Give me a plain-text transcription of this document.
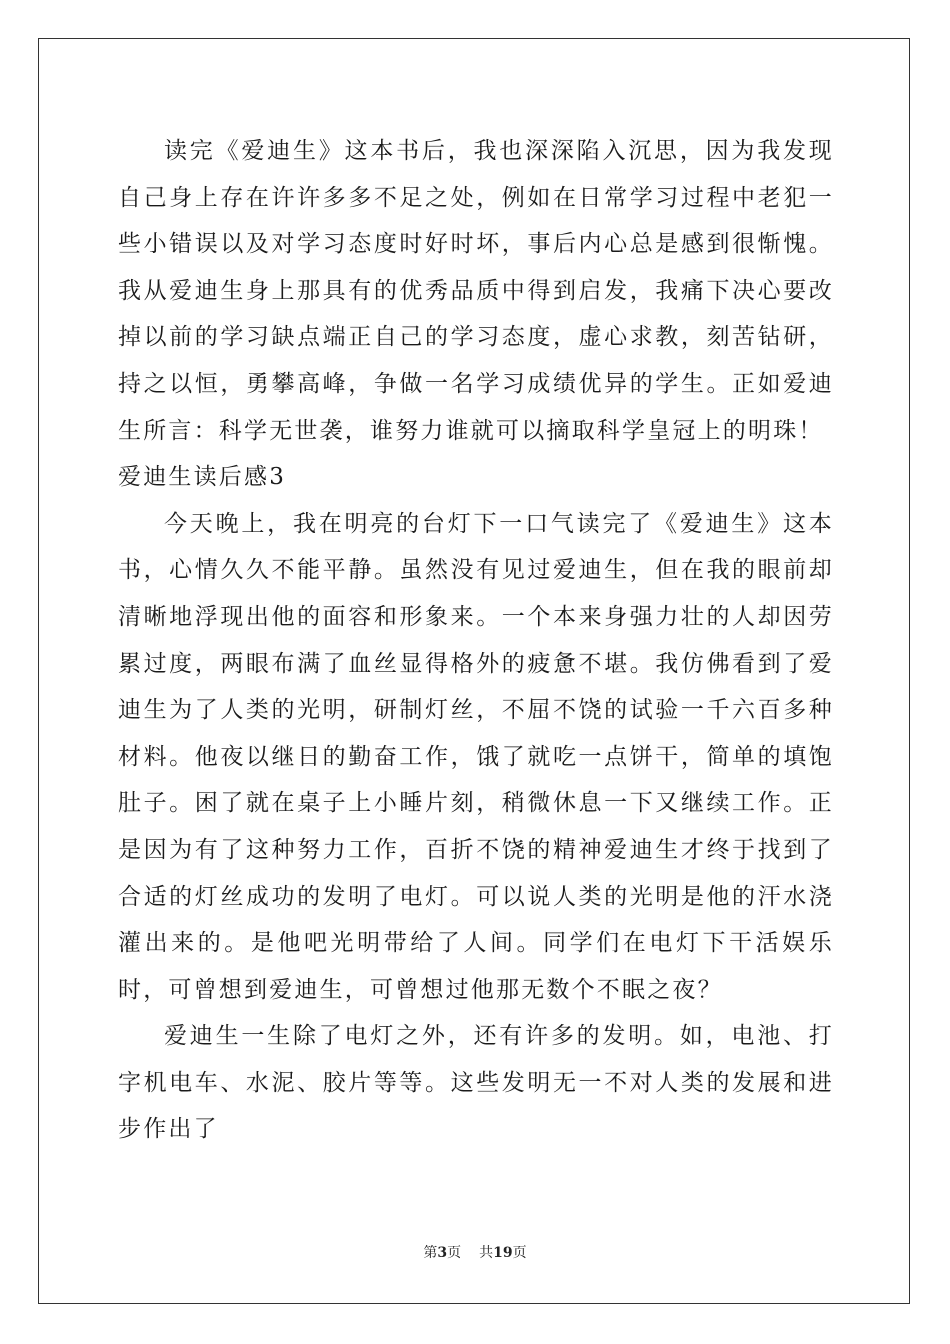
读完《爱迪生》这本书后，我也深深陷入沉思，因为我发现自己身上存在许许多多不足之处，例如在日常学习过程中老犯一些小错误以及对学习态度时好时坏，事后内心总是感到很惭愧。我从爱迪生身上那具有的优秀品质中得到启发，我痛下决心要改掉以前的学习缺点端正自己的学习态度，虚心求教，刻苦钻研，持之以恒，勇攀高峰，争做一名学习成绩优异的学生。正如爱迪生所言：科学无世袭，谁努力谁就可以摘取科学皇冠上的明珠！

爱迪生读后感3

今天晚上，我在明亮的台灯下一口气读完了《爱迪生》这本书，心情久久不能平静。虽然没有见过爱迪生，但在我的眼前却清晰地浮现出他的面容和形象来。一个本来身强力壮的人却因劳累过度，两眼布满了血丝显得格外的疲惫不堪。我仿佛看到了爱迪生为了人类的光明，研制灯丝，不屈不饶的试验一千六百多种材料。他夜以继日的勤奋工作，饿了就吃一点饼干，简单的填饱肚子。困了就在桌子上小睡片刻，稍微休息一下又继续工作。正是因为有了这种努力工作，百折不饶的精神爱迪生才终于找到了合适的灯丝成功的发明了电灯。可以说人类的光明是他的汗水浇灌出来的。是他吧光明带给了人间。同学们在电灯下干活娱乐时，可曾想到爱迪生，可曾想过他那无数个不眠之夜？

爱迪生一生除了电灯之外，还有许多的发明。如，电池、打字机电车、水泥、胶片等等。这些发明无一不对人类的发展和进步作出了

第3页 共19页
